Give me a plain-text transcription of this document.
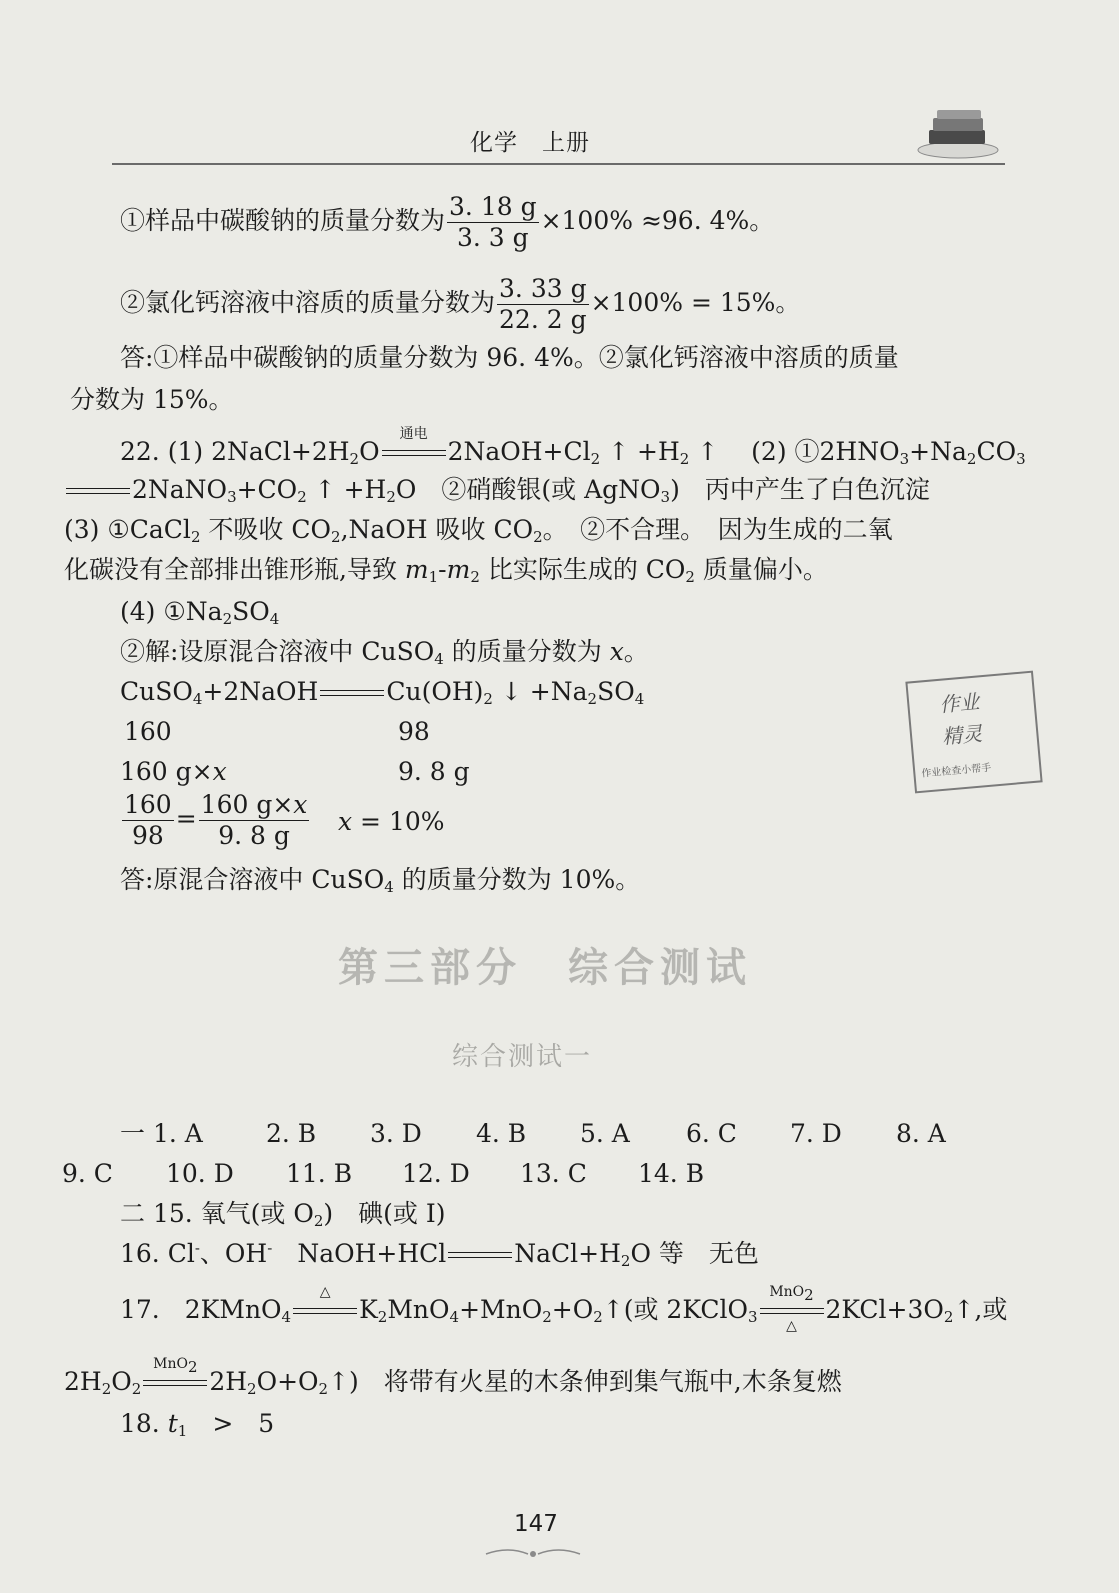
化学　上册
①样品中碳酸钠的质量分数为 $\frac{3. 18 g}{3. 3 g} \times 100\% \approx 96$. 4%。
②氯化钙溶液中溶质的质量分数为 $\frac{3. 33 g}{22. 2 g} \times 100\% = 15\%$。
答:①样品中碳酸钠的质量分数为 96. 4%。②氯化钙溶液中溶质的质量
分数为 15%。
22. (1) $2NaCl+2H_2O$
通电
$2NaOH+Cl_2$ ↑ $+H_2$ ↑　 (2) $①2HNO_3+Na_2CO_3$
$2NaNO_3+CO_2$ ↑ $+H_2O$　②硝酸银(或 AgNO$_3$)　丙中产生了白色沉淀
(3) ①CaCl$_2$ 不吸收 $CO_2,NaOH$ 吸收 $CO_2$。　②不合理。　因为生成的二氧
化碳没有全部排出锥形瓶,导致 $m_1-m_2$ 比实际生成的 $CO_2$ 质量偏小。
(4) $①Na_2SO_4$
②解:设原混合溶液中 CuSO$_4$ 的质量分数为 x。
CuSO$_4$+2NaOH	$Cu(OH)_2$ ↓ $+Na_2SO_4$
160	98
160 g×x	9. 8 g
$\frac{160}{98} = \frac{160 g\times x}{9. 8 g}$ x = 10%
答:原混合溶液中 CuSO$_4$ 的质量分数为 10%。
作业
精灵
作业检查小帮手
第三部分　综合测试
综合测试一
一 1. A	2. B 3. D 4. B 5. A 6. C 7. D 8. A
9. C 10. D 11. B 12. D 13. C 14. B
二 15. 氧气(或 $O_2$)　碘(或 I)
16. Cl-、OH-　NaOH+HCl	$NaCl+H_2O$ 等　无色
17.　2KMnO$_4$
△
$K_2MnO_4+MnO_2+O_2↑$(或 2KClO$_3$
MnO$_2$
△
$2KCl+3O_2↑$,或
$2H_2O_2$
MnO$_2$
$2H_2O+O_2↑$)　将带有火星的木条伸到集气瓶中,木条复燃
18. $t_1$　>　5
147
